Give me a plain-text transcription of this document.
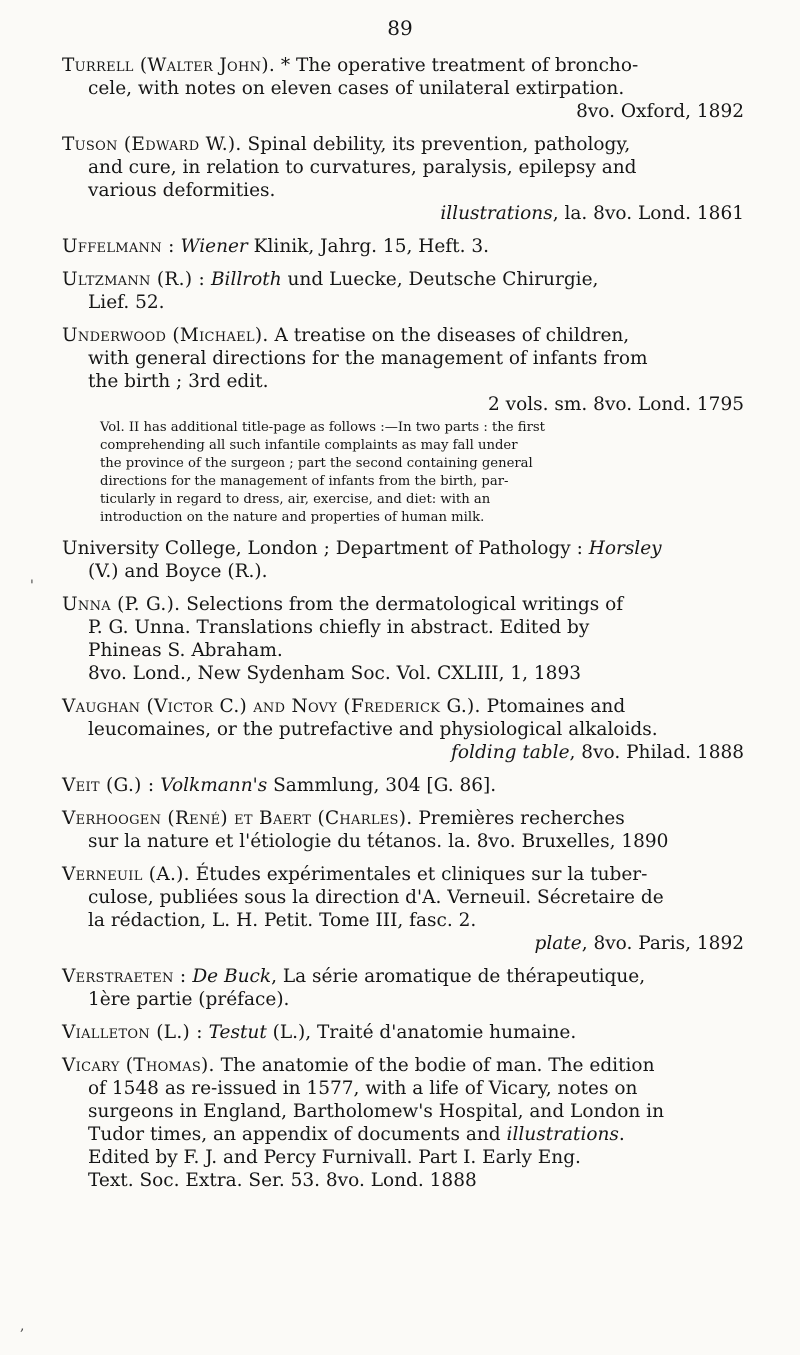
89

Turrell (Walter John). * The operative treatment of broncho-

cele, with notes on eleven cases of unilateral extirpation.

8vo. Oxford, 1892

Tuson (Edward W.). Spinal debility, its prevention, pathology,

and cure, in relation to curvatures, paralysis, epilepsy and

various deformities.

illustrations, la. 8vo. Lond. 1861

Uffelmann : Wiener Klinik, Jahrg. 15, Heft. 3.

Ultzmann (R.) : Billroth und Luecke, Deutsche Chirurgie,

Lief. 52.

Underwood (Michael). A treatise on the diseases of children,

with general directions for the management of infants from

the birth ; 3rd edit.

2 vols. sm. 8vo. Lond. 1795

Vol. II has additional title-page as follows :—In two parts : the first

comprehending all such infantile complaints as may fall under

the province of the surgeon ; part the second containing general

directions for the management of infants from the birth, par-

ticularly in regard to dress, air, exercise, and diet: with an

introduction on the nature and properties of human milk.

University College, London ; Department of Pathology : Horsley

(V.) and Boyce (R.).

Unna (P. G.). Selections from the dermatological writings of

P. G. Unna. Translations chiefly in abstract. Edited by

Phineas S. Abraham.

8vo. Lond., New Sydenham Soc. Vol. CXLIII, 1, 1893

Vaughan (Victor C.) and Novy (Frederick G.). Ptomaines and

leucomaines, or the putrefactive and physiological alkaloids.

folding table, 8vo. Philad. 1888

Veit (G.) : Volkmann's Sammlung, 304 [G. 86].

Verhoogen (René) et Baert (Charles). Premières recherches

sur la nature et l'étiologie du tétanos. la. 8vo. Bruxelles, 1890

Verneuil (A.). Études expérimentales et cliniques sur la tuber-

culose, publiées sous la direction d'A. Verneuil. Sécretaire de

la rédaction, L. H. Petit. Tome III, fasc. 2.

plate, 8vo. Paris, 1892

Verstraeten : De Buck, La série aromatique de thérapeutique,

1ère partie (préface).

Vialleton (L.) : Testut (L.), Traité d'anatomie humaine.

Vicary (Thomas). The anatomie of the bodie of man. The edition

of 1548 as re-issued in 1577, with a life of Vicary, notes on

surgeons in England, Bartholomew's Hospital, and London in

Tudor times, an appendix of documents and illustrations.

Edited by F. J. and Percy Furnivall. Part I. Early Eng.

Text. Soc. Extra. Ser. 53. 8vo. Lond. 1888

'
,
